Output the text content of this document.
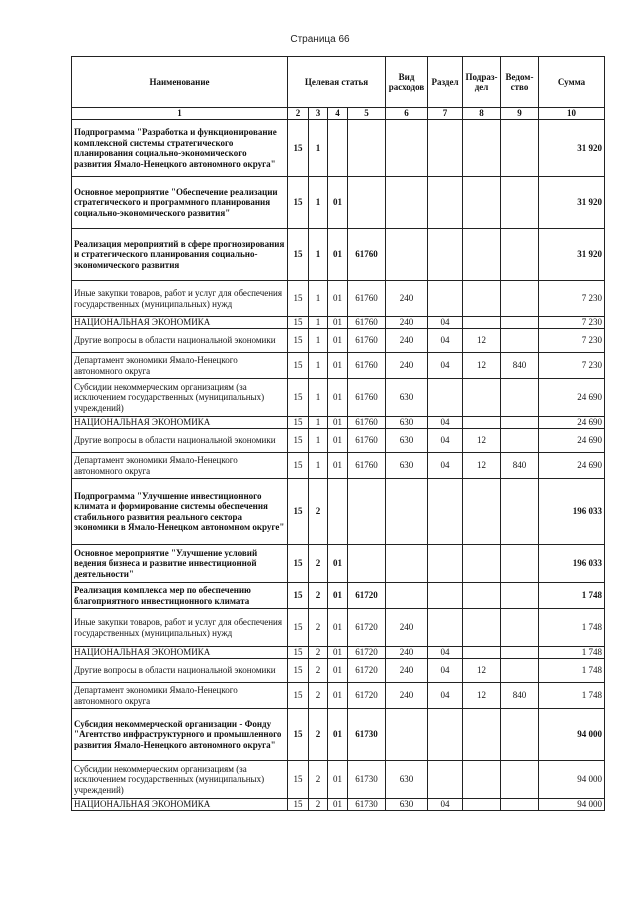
Страница 66
Наименование	Целевая статья				Вид расходов	Раздел	Подраз-дел	Ведом-ство	Сумма
1	2	3	4	5	6	7	8	9	10
Подпрограмма "Разработка и функционирование комплексной системы стратегического планирования социально-экономического развития Ямало-Ненецкого автономного округа"	15	1							31 920
Основное мероприятие "Обеспечение реализации стратегического и программного планирования социально-экономического развития"	15	1	01						31 920
Реализация мероприятий в сфере прогнозирования и стратегического планирования социально-экономического развития	15	1	01	61760					31 920
Иные закупки товаров, работ и услуг для обеспечения государственных (муниципальных) нужд	15	1	01	61760	240				7 230
НАЦИОНАЛЬНАЯ ЭКОНОМИКА	15	1	01	61760	240	04			7 230
Другие вопросы в области национальной экономики	15	1	01	61760	240	04	12		7 230
Департамент экономики Ямало-Ненецкого автономного округа	15	1	01	61760	240	04	12	840	7 230
Субсидии некоммерческим организациям (за исключением государственных (муниципальных) учреждений)	15	1	01	61760	630				24 690
НАЦИОНАЛЬНАЯ ЭКОНОМИКА	15	1	01	61760	630	04			24 690
Другие вопросы в области национальной экономики	15	1	01	61760	630	04	12		24 690
Департамент экономики Ямало-Ненецкого автономного округа	15	1	01	61760	630	04	12	840	24 690
Подпрограмма "Улучшение инвестиционного климата и формирование системы обеспечения стабильного развития реального сектора экономики в Ямало-Ненецком автономном округе"	15	2							196 033
Основное мероприятие "Улучшение условий ведения бизнеса и развитие инвестиционной деятельности"	15	2	01						196 033
Реализация комплекса мер по обеспечению благоприятного инвестиционного климата	15	2	01	61720					1 748
Иные закупки товаров, работ и услуг для обеспечения государственных (муниципальных) нужд	15	2	01	61720	240				1 748
НАЦИОНАЛЬНАЯ ЭКОНОМИКА	15	2	01	61720	240	04			1 748
Другие вопросы в области национальной экономики	15	2	01	61720	240	04	12		1 748
Департамент экономики Ямало-Ненецкого автономного округа	15	2	01	61720	240	04	12	840	1 748
Субсидия некоммерческой организации - Фонду "Агентство инфраструктурного и промышленного развития Ямало-Ненецкого автономного округа"	15	2	01	61730					94 000
Субсидии некоммерческим организациям (за исключением государственных (муниципальных) учреждений)	15	2	01	61730	630				94 000
НАЦИОНАЛЬНАЯ ЭКОНОМИКА	15	2	01	61730	630	04			94 000
